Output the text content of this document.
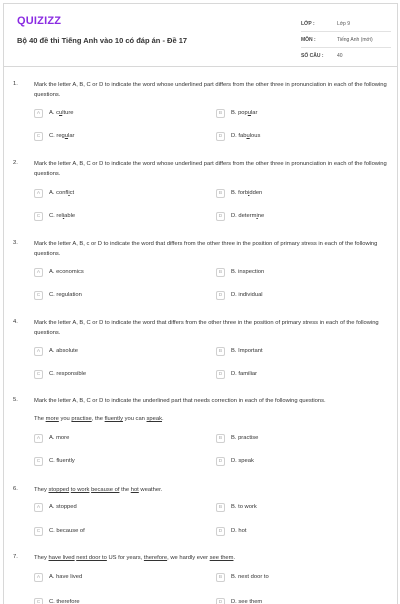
QUIZIZZ
Bộ 40 đề thi Tiếng Anh vào 10 có đáp án - Đề 17
LỚP :	Lớp 9
MÔN :	Tiếng Anh (mới)
SỐ CÂU :	40
1.	Mark the letter A, B, C or D to indicate the word whose underlined part differs from the other three in pronunciation in each of the following questions.
A	A. culture	B	B. popular
C	C. regular	D	D. fabulous
2.	Mark the letter A, B, C or D to indicate the word whose underlined part differs from the other three in pronunciation in each of the following questions.
A	A. conflict	B	B. forbidden
C	C. reliable	D	D. determine
3.	Mark the letter A, B, c or D to indicate the word that differs from the other three in the position of primary stress in each of the following questions.
A	A. economics	B	B. inspection
C	C. regulation	D	D. individual
4.	Mark the letter A, B, C or D to indicate the word that differs from the other three in the position of primary stress in each of the following questions.
A	A. absolute	B	B. Important
C	C. responsible	D	D. familiar
5.	Mark the letter A, B, C or D to indicate the underlined part that needs correction in each of the following questions.
The more you practise, the fluently you can speak.
A	A. more	B	B. practise
C	C. fluently	D	D. speak
6.	They stopped to work because of the hot weather.
A	A. stopped	B	B. to work
C	C. because of	D	D. hot
7.	They have lived next door to US for years, therefore, we hardly ever see them.
A	A. have lived	B	B. next door to
C	C. therefore	D	D. see them
